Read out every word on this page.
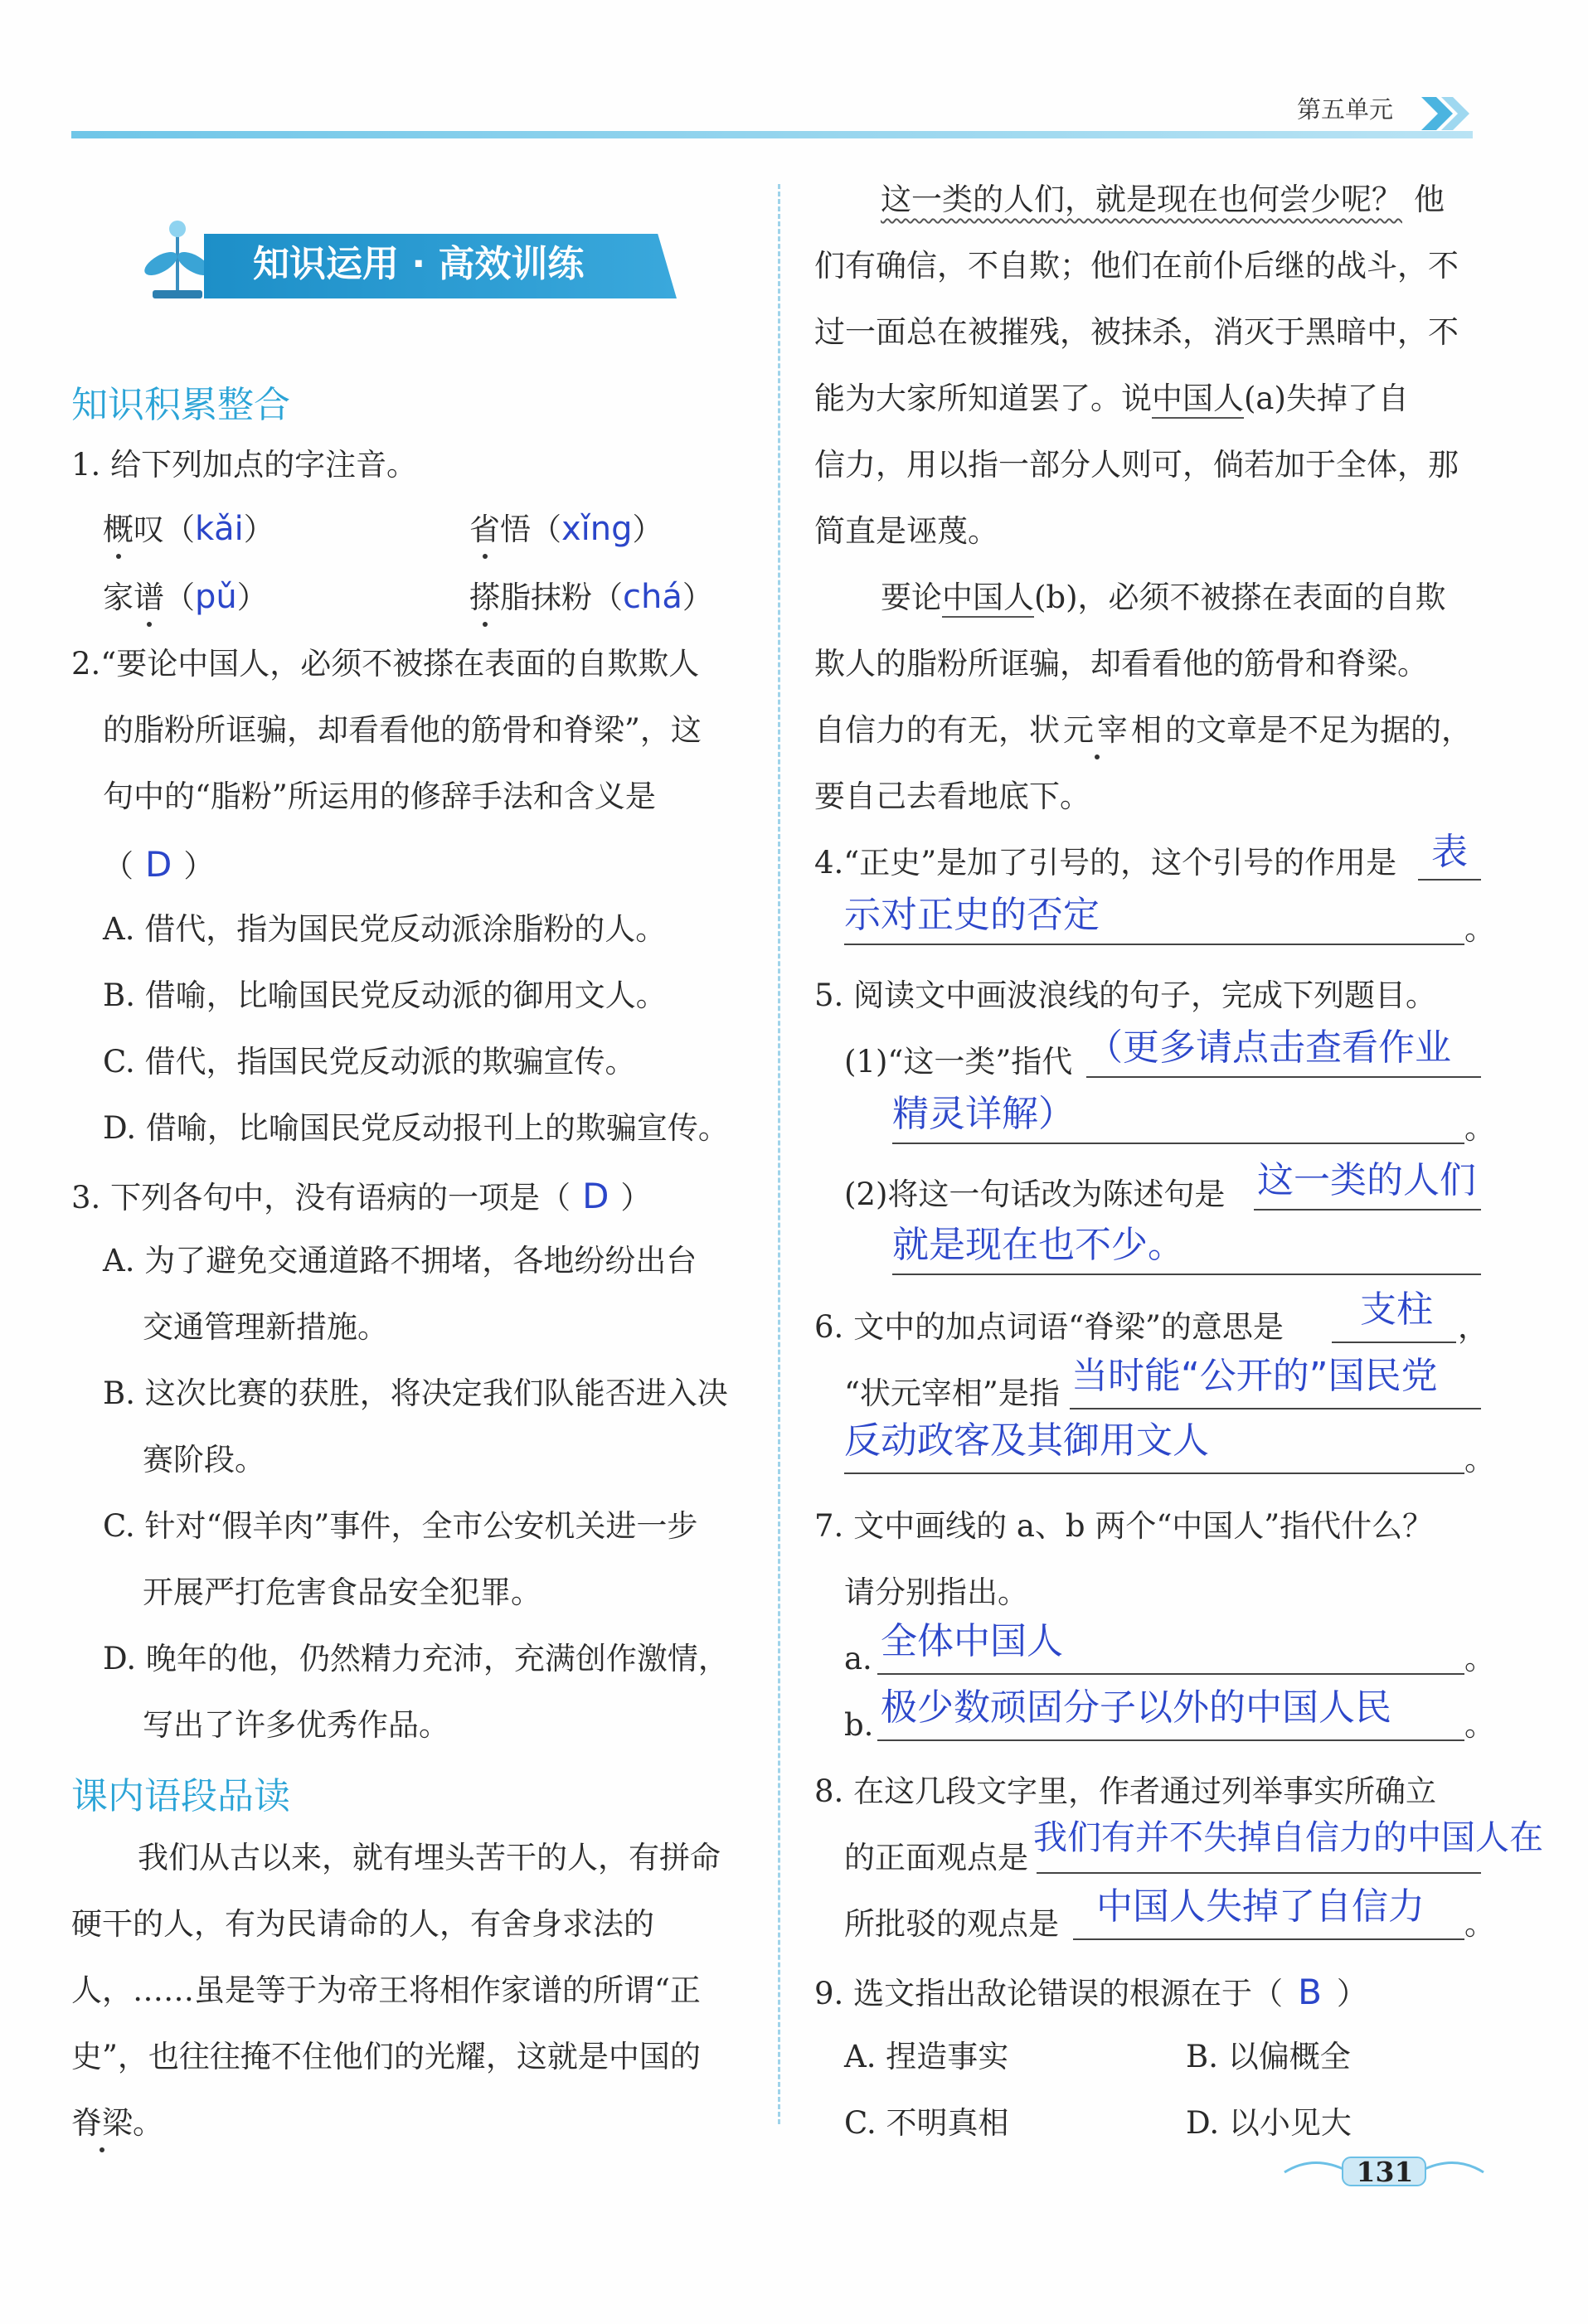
第五单元
知识运用 · 高效训练
知识积累整合
1. 给下列加点的字注音。
概叹（kǎi）	省悟（xǐng）
家谱（pǔ）	搽脂抹粉（chá）
2.“要论中国人，必须不被搽在表面的自欺欺人
的脂粉所诓骗，却看看他的筋骨和脊梁”，这
句中的“脂粉”所运用的修辞手法和含义是
（ D ）
A. 借代，指为国民党反动派涂脂粉的人。
B. 借喻，比喻国民党反动派的御用文人。
C. 借代，指国民党反动派的欺骗宣传。
D. 借喻，比喻国民党反动报刊上的欺骗宣传。
3. 下列各句中，没有语病的一项是（ D ）
A. 为了避免交通道路不拥堵，各地纷纷出台
交通管理新措施。
B. 这次比赛的获胜，将决定我们队能否进入决
赛阶段。
C. 针对“假羊肉”事件，全市公安机关进一步
开展严打危害食品安全犯罪。
D. 晚年的他，仍然精力充沛，充满创作激情，
写出了许多优秀作品。
课内语段品读
我们从古以来，就有埋头苦干的人，有拼命
硬干的人，有为民请命的人，有舍身求法的
人，……虽是等于为帝王将相作家谱的所谓“正
史”，也往往掩不住他们的光耀，这就是中国的
脊梁。
这一类的人们，就是现在也何尝少呢？ 他
们有确信，不自欺；他们在前仆后继的战斗，不
过一面总在被摧残，被抹杀，消灭于黑暗中，不
能为大家所知道罢了。说中国人(a)失掉了自
信力，用以指一部分人则可，倘若加于全体，那
简直是诬蔑。
要论中国人(b)，必须不被搽在表面的自欺
欺人的脂粉所诓骗，却看看他的筋骨和脊梁。
自信力的有无，状元宰相的文章是不足为据的，
要自己去看地底下。
4.“正史”是加了引号的，这个引号的作用是 表
示对正史的否定	。
5. 阅读文中画波浪线的句子，完成下列题目。
(1)“这一类”指代 （更多请点击查看作业
精灵详解）	。
(2)将这一句话改为陈述句是 这一类的人们
就是现在也不少。
6. 文中的加点词语“脊梁”的意思是 支柱 ，
“状元宰相”是指 当时能“公开的”国民党
反动政客及其御用文人	。
7. 文中画线的 a、b 两个“中国人”指代什么？
请分别指出。
a. 全体中国人	。
b. 极少数顽固分子以外的中国人民 。
8. 在这几段文字里，作者通过列举事实所确立
的正面观点是
我们有并不失掉自信力的中国人在
所批驳的观点是 中国人失掉了自信力 。
9. 选文指出敌论错误的根源在于（ B ）
A. 捏造事实	B. 以偏概全
C. 不明真相	D. 以小见大
131
